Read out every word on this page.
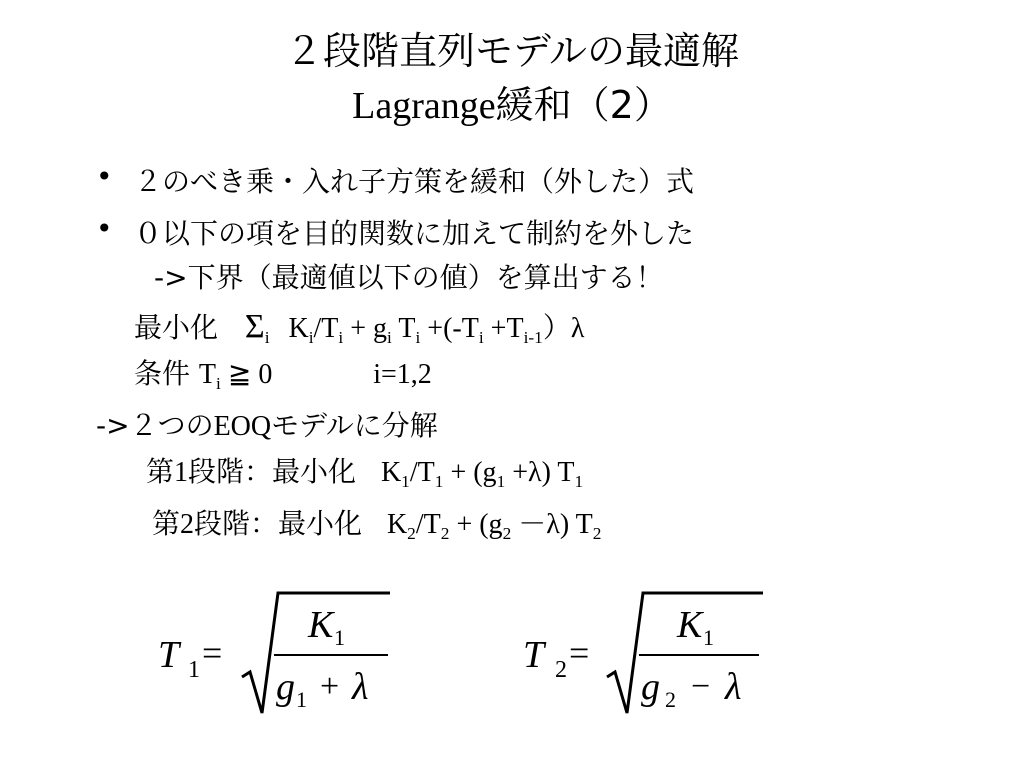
２段階直列モデルの最適解
Lagrange緩和（2）
• ２のべき乗・入れ子方策を緩和（外した）式
• ０以下の項を目的関数に加えて制約を外した
->下界（最適値以下の値）を算出する！
最小化 $\Sigma_i$ $K_i/T_i + g_i$ $T_i +(-T_i +T_{i-1})\lambda$
条件 $T_i$ ≧ 0	i=1,2
->２つのEOQモデルに分解
第1段階：最小化 $K_1/T_1 + (g_1 +\lambda)$ $T_1$
第2段階：最小化 $K_2/T_2 + (g_2 -\lambda)$ $T_2$
T 1 =
K 1
g 1 + λ
T 2 =
K 1
g 2 − λ
